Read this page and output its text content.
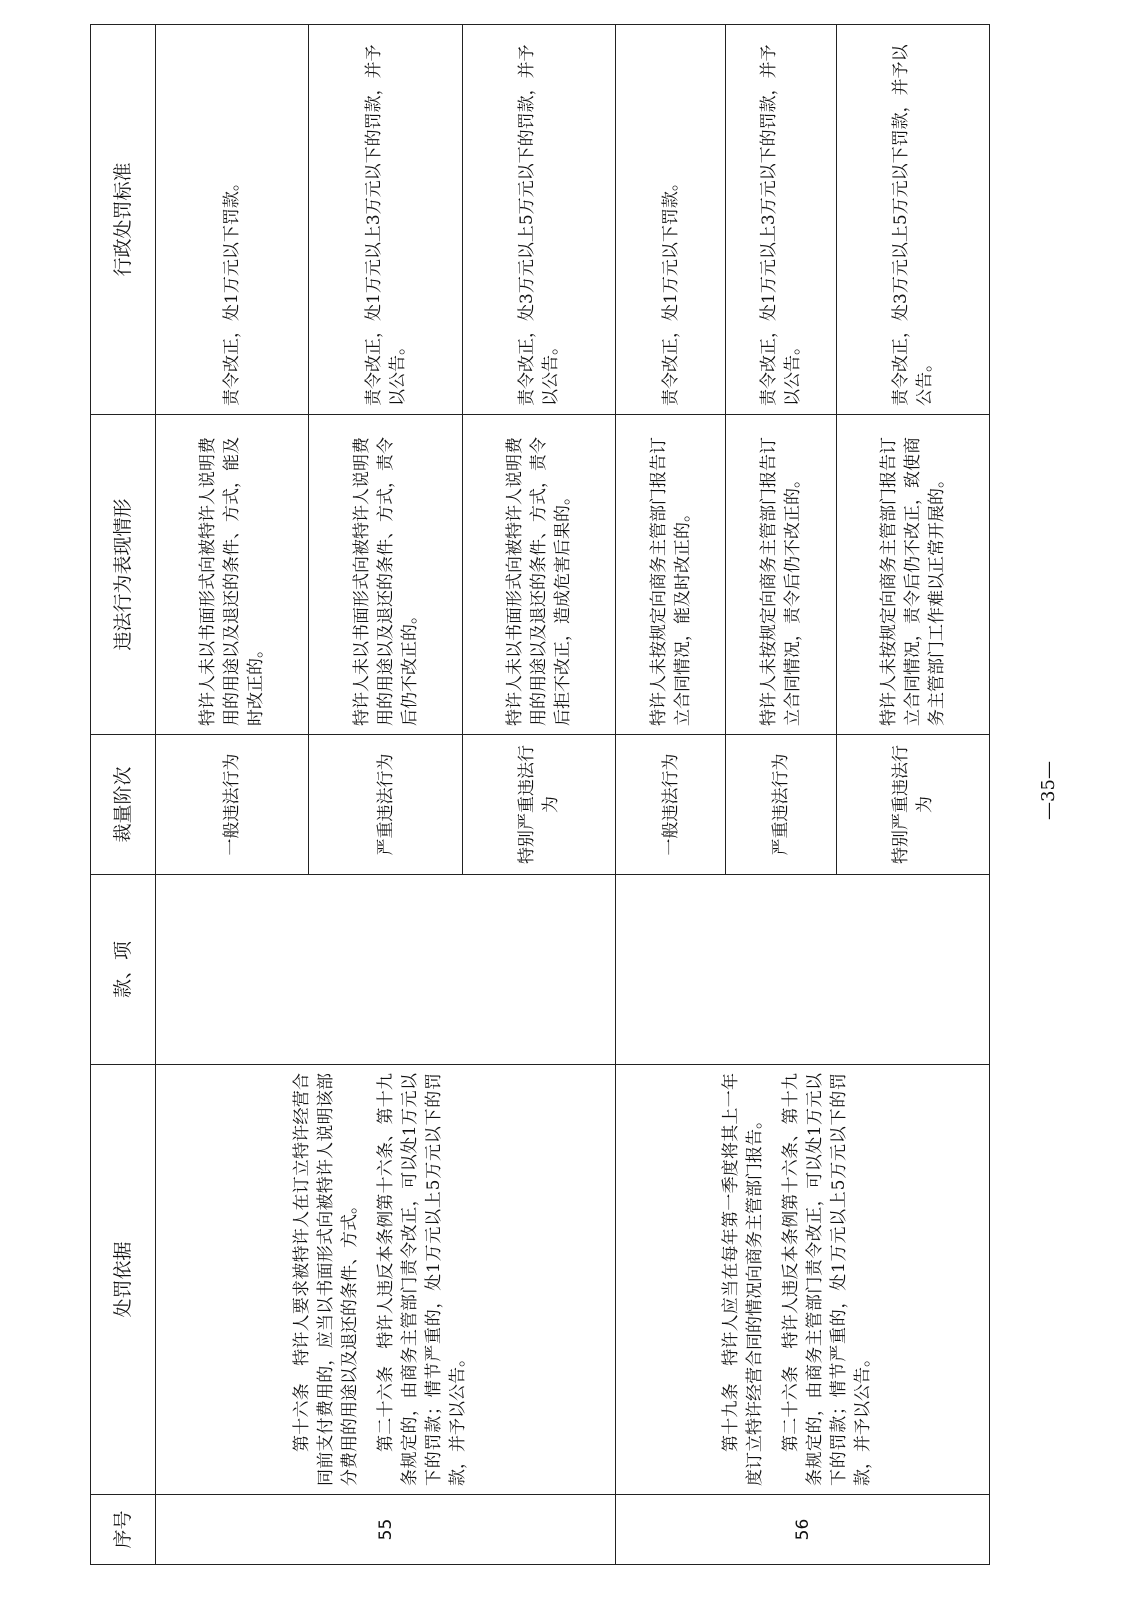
序号	处罚依据	款、项	裁量阶次	违法行为表现情形	行政处罚标准
55	第十六条　特许人要求被特许人在订立特许经营合同前支付费用的，应当以书面形式向被特许人说明该部分费用的用途以及退还的条件、方式。 第二十六条　特许人违反本条例第十六条、第十九条规定的，由商务主管部门责令改正，可以处1万元以下的罚款；情节严重的，处1万元以上5万元以下的罚款，并予以公告。		一般违法行为	特许人未以书面形式向被特许人说明费用的用途以及退还的条件、方式，能及时改正的。	责令改正，处1万元以下罚款。
			严重违法行为	特许人未以书面形式向被特许人说明费用的用途以及退还的条件、方式，责令后仍不改正的。	责令改正，处1万元以上3万元以下的罚款，并予以公告。
			特别严重违法行为	特许人未以书面形式向被特许人说明费用的用途以及退还的条件、方式，责令后拒不改正，造成危害后果的。	责令改正，处3万元以上5万元以下的罚款，并予以公告。
56	第十九条　特许人应当在每年第一季度将其上一年度订立特许经营合同的情况向商务主管部门报告。 第二十六条　特许人违反本条例第十六条、第十九条规定的，由商务主管部门责令改正，可以处1万元以下的罚款；情节严重的，处1万元以上5万元以下的罚款，并予以公告。		一般违法行为	特许人未按规定向商务主管部门报告订立合同情况，能及时改正的。	责令改正，处1万元以下罚款。
			严重违法行为	特许人未按规定向商务主管部门报告订立合同情况，责令后仍不改正的。	责令改正，处1万元以上3万元以下的罚款，并予以公告。
			特别严重违法行为	特许人未按规定向商务主管部门报告订立合同情况，责令后仍不改正，致使商务主管部门工作难以正常开展的。	责令改正，处3万元以上5万元以下罚款，并予以公告。
—35—
